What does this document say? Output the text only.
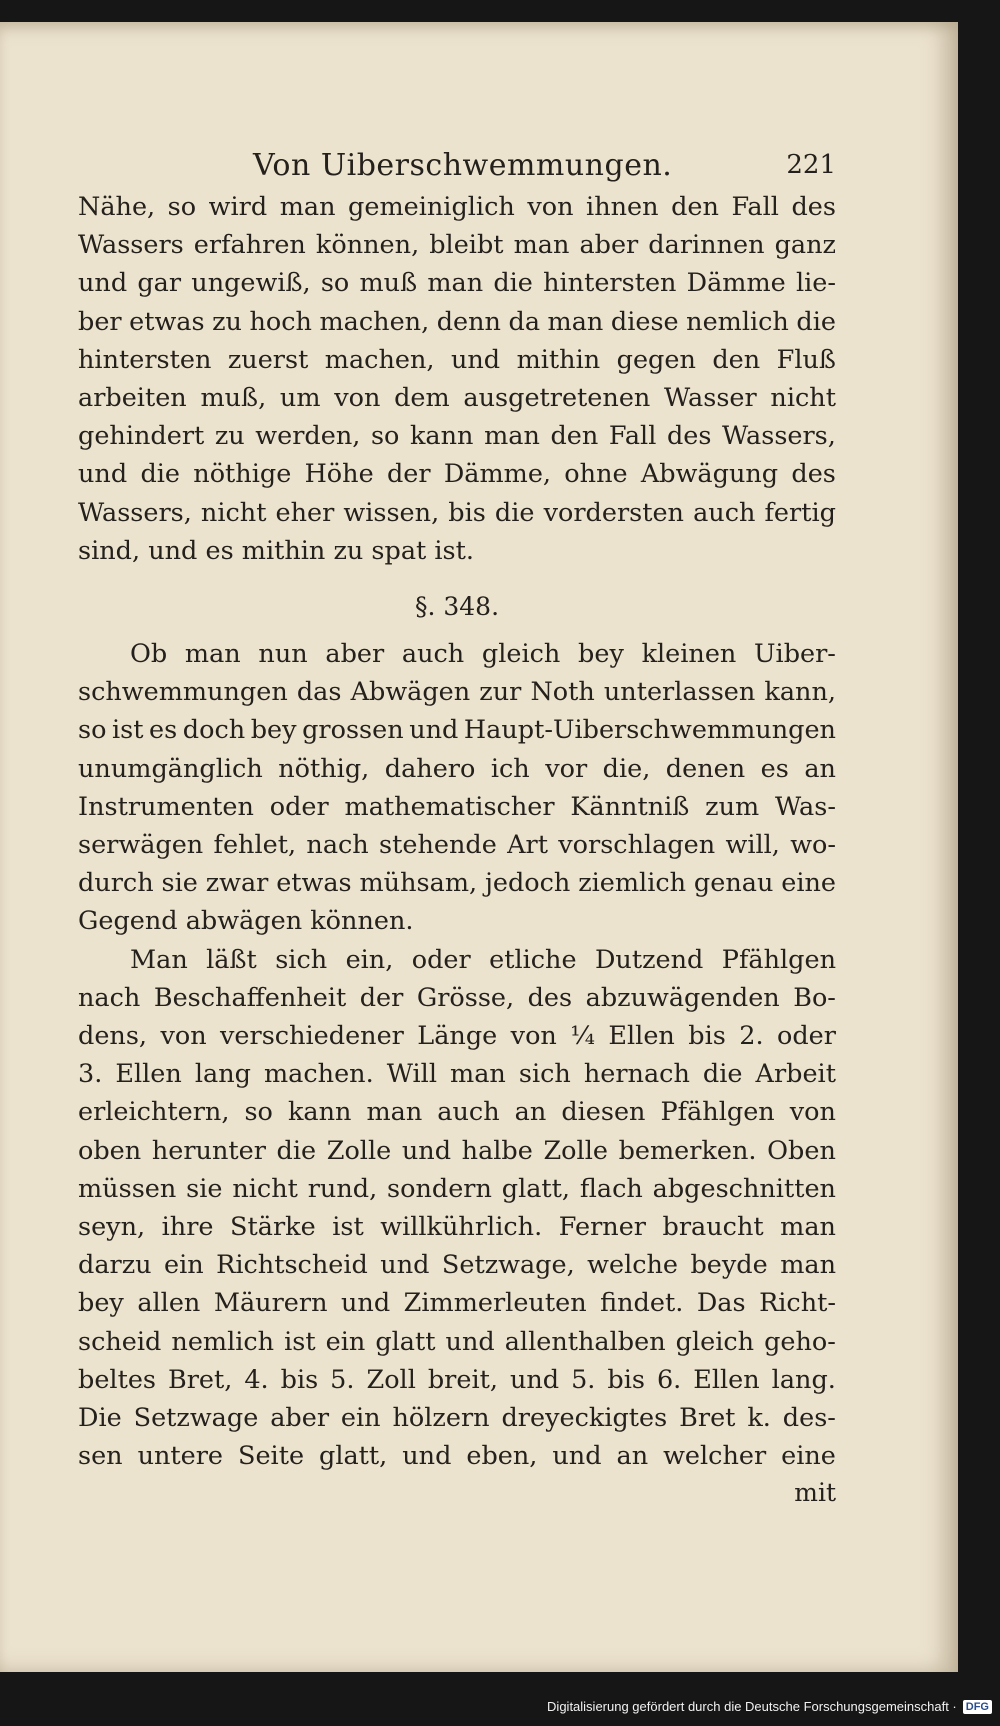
Von Uiberschwemmungen.	221
Nähe, so wird man gemeiniglich von ihnen den Fall des
Wassers erfahren können, bleibt man aber darinnen ganz
und gar ungewiß, so muß man die hintersten Dämme lie-
ber etwas zu hoch machen, denn da man diese nemlich die
hintersten zuerst machen, und mithin gegen den Fluß
arbeiten muß, um von dem ausgetretenen Wasser nicht
gehindert zu werden, so kann man den Fall des Wassers,
und die nöthige Höhe der Dämme, ohne Abwägung des
Wassers, nicht eher wissen, bis die vordersten auch fertig
sind, und es mithin zu spat ist.
§. 348.
Ob man nun aber auch gleich bey kleinen Uiber-
schwemmungen das Abwägen zur Noth unterlassen kann,
so ist es doch bey grossen und Haupt-Uiberschwemmungen
unumgänglich nöthig, dahero ich vor die, denen es an
Instrumenten oder mathematischer Känntniß zum Was-
serwägen fehlet, nach stehende Art vorschlagen will, wo-
durch sie zwar etwas mühsam, jedoch ziemlich genau eine
Gegend abwägen können.
Man läßt sich ein, oder etliche Dutzend Pfählgen
nach Beschaffenheit der Grösse, des abzuwägenden Bo-
dens, von verschiedener Länge von ¼ Ellen bis 2. oder
3. Ellen lang machen. Will man sich hernach die Arbeit
erleichtern, so kann man auch an diesen Pfählgen von
oben herunter die Zolle und halbe Zolle bemerken. Oben
müssen sie nicht rund, sondern glatt, flach abgeschnitten
seyn, ihre Stärke ist willkührlich. Ferner braucht man
darzu ein Richtscheid und Setzwage, welche beyde man
bey allen Mäurern und Zimmerleuten findet. Das Richt-
scheid nemlich ist ein glatt und allenthalben gleich geho-
beltes Bret, 4. bis 5. Zoll breit, und 5. bis 6. Ellen lang.
Die Setzwage aber ein hölzern dreyeckigtes Bret k. des-
sen untere Seite glatt, und eben, und an welcher eine
mit
Digitalisierung gefördert durch die Deutsche Forschungsgemeinschaft · DFG
